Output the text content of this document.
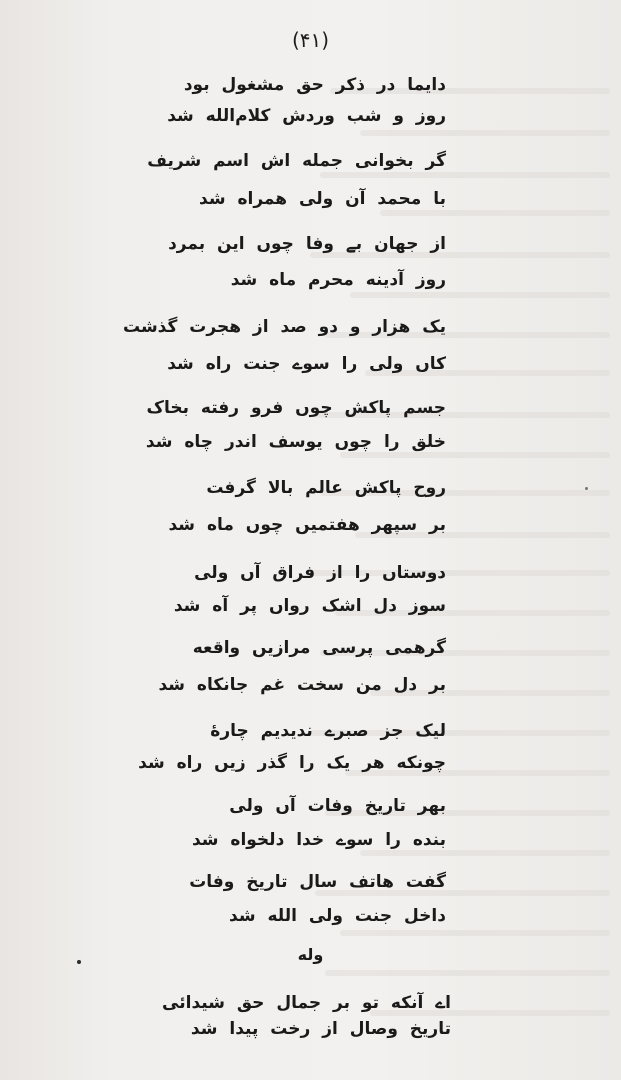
(۴۱)
دایما در ذکر حق مشغول بود
روز و شب وردش کلام‌الله شد
گر بخوانی جمله اش اسم شریف
با محمد آن ولی همراه شد
از جهان بے وفا چوں این بمرد
روز آدینه محرم ماه شد
یک هزار و دو صد از هجرت گذشت
کاں ولی را سوے جنت راه شد
جسم پاکش چوں فرو رفته بخاک
خلق را چوں یوسف اندر چاه شد
روح پاکش عالم بالا گرفت
بر سپهر هفتمیں چوں ماه شد
دوستاں را از فراق آں ولی
سوز دل اشک رواں پر آه شد
گرهمی پرسی مرازیں واقعه
بر دل من سخت غم جانکاه شد
لیک جز صبرے ندیدیم چارهٔ
چونکه هر یک را گذر زیں راه شد
بهر تاریخ وفات آں ولی
بنده را سوے خدا دلخواه شد
گفت هاتف سال تاریخ وفات
داخل جنت ولی الله شد
وله
اے آنکه تو بر جمال حق شیدائی
تاریخ وصال از رخت پیدا شد
